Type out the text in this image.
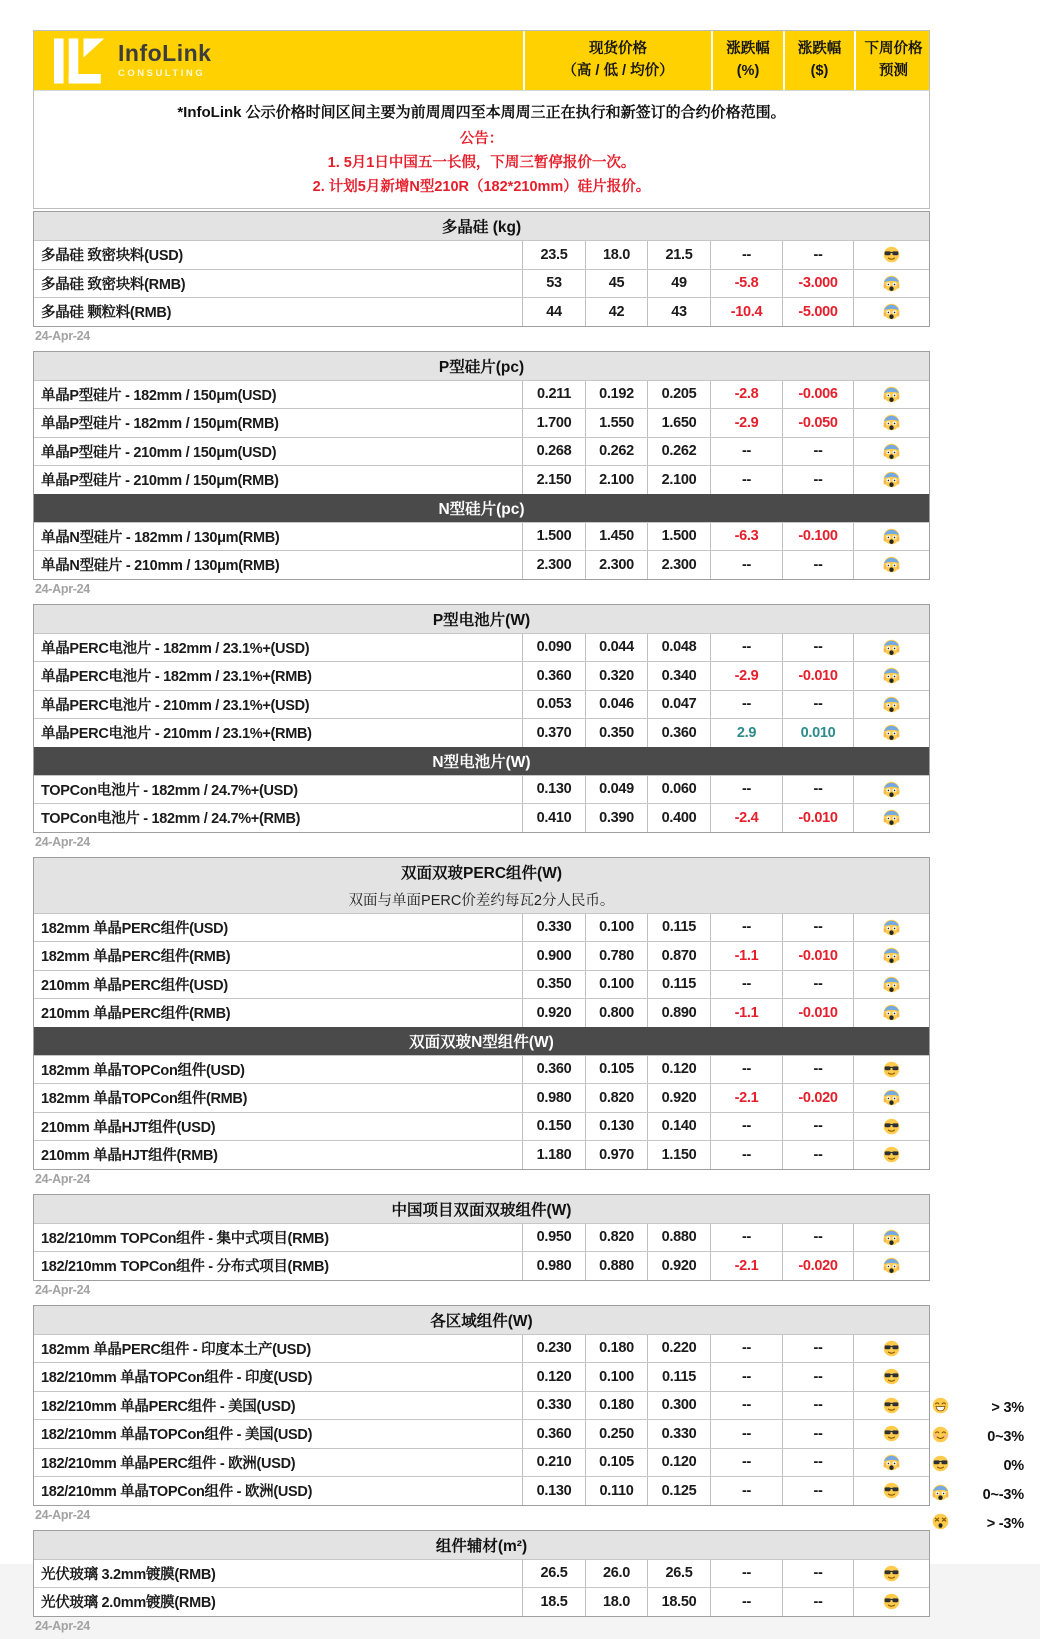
InfoLink
CONSULTING
现货价格
（高 / 低 / 均价）
涨跌幅
(%)
涨跌幅
($)
下周价格
预测
*InfoLink 公示价格时间区间主要为前周周四至本周周三正在执行和新签订的合约价格范围。
公告：
1. 5月1日中国五一长假，下周三暂停报价一次。
2. 计划5月新增N型210R（182*210mm）硅片报价。
多晶硅 (kg)
多晶硅 致密块料(USD)	23.5	18.0	21.5	--	--
多晶硅 致密块料(RMB)	53	45	49	-5.8	-3.000
多晶硅 颗粒料(RMB)	44	42	43	-10.4	-5.000
24-Apr-24
P型硅片(pc)
单晶P型硅片 - 182mm / 150μm(USD)	0.211	0.192	0.205	-2.8	-0.006
单晶P型硅片 - 182mm / 150μm(RMB)	1.700	1.550	1.650	-2.9	-0.050
单晶P型硅片 - 210mm / 150μm(USD)	0.268	0.262	0.262	--	--
单晶P型硅片 - 210mm / 150μm(RMB)	2.150	2.100	2.100	--	--
N型硅片(pc)
单晶N型硅片 - 182mm / 130μm(RMB)	1.500	1.450	1.500	-6.3	-0.100
单晶N型硅片 - 210mm / 130μm(RMB)	2.300	2.300	2.300	--	--
24-Apr-24
P型电池片(W)
单晶PERC电池片 - 182mm / 23.1%+(USD)	0.090	0.044	0.048	--	--
单晶PERC电池片 - 182mm / 23.1%+(RMB)	0.360	0.320	0.340	-2.9	-0.010
单晶PERC电池片 - 210mm / 23.1%+(USD)	0.053	0.046	0.047	--	--
单晶PERC电池片 - 210mm / 23.1%+(RMB)	0.370	0.350	0.360	2.9	0.010
N型电池片(W)
TOPCon电池片 - 182mm / 24.7%+(USD)	0.130	0.049	0.060	--	--
TOPCon电池片 - 182mm / 24.7%+(RMB)	0.410	0.390	0.400	-2.4	-0.010
24-Apr-24
双面双玻PERC组件(W)
双面与单面PERC价差约每瓦2分人民币。
182mm 单晶PERC组件(USD)	0.330	0.100	0.115	--	--
182mm 单晶PERC组件(RMB)	0.900	0.780	0.870	-1.1	-0.010
210mm 单晶PERC组件(USD)	0.350	0.100	0.115	--	--
210mm 单晶PERC组件(RMB)	0.920	0.800	0.890	-1.1	-0.010
双面双玻N型组件(W)
182mm 单晶TOPCon组件(USD)	0.360	0.105	0.120	--	--
182mm 单晶TOPCon组件(RMB)	0.980	0.820	0.920	-2.1	-0.020
210mm 单晶HJT组件(USD)	0.150	0.130	0.140	--	--
210mm 单晶HJT组件(RMB)	1.180	0.970	1.150	--	--
24-Apr-24
中国项目双面双玻组件(W)
182/210mm TOPCon组件 - 集中式项目(RMB)	0.950	0.820	0.880	--	--
182/210mm TOPCon组件 - 分布式项目(RMB)	0.980	0.880	0.920	-2.1	-0.020
24-Apr-24
各区域组件(W)
182mm 单晶PERC组件 - 印度本土产(USD)	0.230	0.180	0.220	--	--
182/210mm 单晶TOPCon组件 - 印度(USD)	0.120	0.100	0.115	--	--
182/210mm 单晶PERC组件 - 美国(USD)	0.330	0.180	0.300	--	--
182/210mm 单晶TOPCon组件 - 美国(USD)	0.360	0.250	0.330	--	--
182/210mm 单晶PERC组件 - 欧洲(USD)	0.210	0.105	0.120	--	--
182/210mm 单晶TOPCon组件 - 欧洲(USD)	0.130	0.110	0.125	--	--
24-Apr-24
组件辅材(m²)
光伏玻璃 3.2mm镀膜(RMB)	26.5	26.0	26.5	--	--
光伏玻璃 2.0mm镀膜(RMB)	18.5	18.0	18.50	--	--
24-Apr-24
> 3%
0~3%
0%
0~-3%
> -3%
